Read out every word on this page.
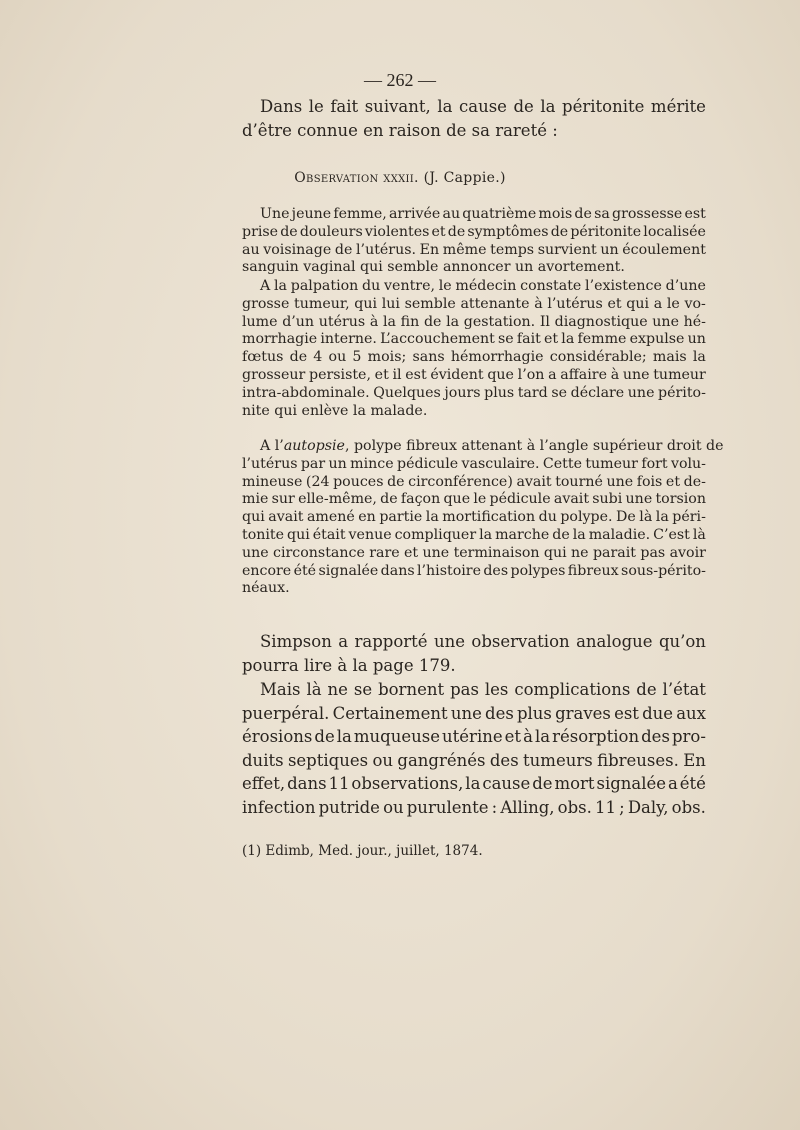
— 262 —
Dans le fait suivant, la cause de la péritonite mérite
d’être connue en raison de sa rareté :
Observation xxxii. (J. Cappie.)
Une jeune femme, arrivée au quatrième mois de sa grossesse est
prise de douleurs violentes et de symptômes de péritonite localisée
au voisinage de l’utérus. En même temps survient un écoulement
sanguin vaginal qui semble annoncer un avortement.
A la palpation du ventre, le médecin constate l’existence d’une
grosse tumeur, qui lui semble attenante à l’utérus et qui a le vo-
lume d’un utérus à la fin de la gestation. Il diagnostique une hé-
morrhagie interne. L’accouchement se fait et la femme expulse un
fœtus de 4 ou 5 mois; sans hémorrhagie considérable; mais la
grosseur persiste, et il est évident que l’on a affaire à une tumeur
intra-abdominale. Quelques jours plus tard se déclare une périto-
nite qui enlève la malade.
A l’ autopsie , polype fibreux attenant à l’angle supérieur droit de
l’utérus par un mince pédicule vasculaire. Cette tumeur fort volu-
mineuse (24 pouces de circonférence) avait tourné une fois et de-
mie sur elle-même, de façon que le pédicule avait subi une torsion
qui avait amené en partie la mortification du polype. De là la péri-
tonite qui était venue compliquer la marche de la maladie. C’est là
une circonstance rare et une terminaison qui ne parait pas avoir
encore été signalée dans l’histoire des polypes fibreux sous-périto-
néaux.
Simpson a rapporté une observation analogue qu’on
pourra lire à la page 179.
Mais là ne se bornent pas les complications de l’état
puerpéral. Certainement une des plus graves est due aux
érosions de la muqueuse utérine et à la résorption des pro-
duits septiques ou gangrénés des tumeurs fibreuses. En
effet, dans 11 observations, la cause de mort signalée a été
infection putride ou purulente : Alling, obs. 11 ; Daly, obs.
(1) Edimb, Med. jour., juillet, 1874.
